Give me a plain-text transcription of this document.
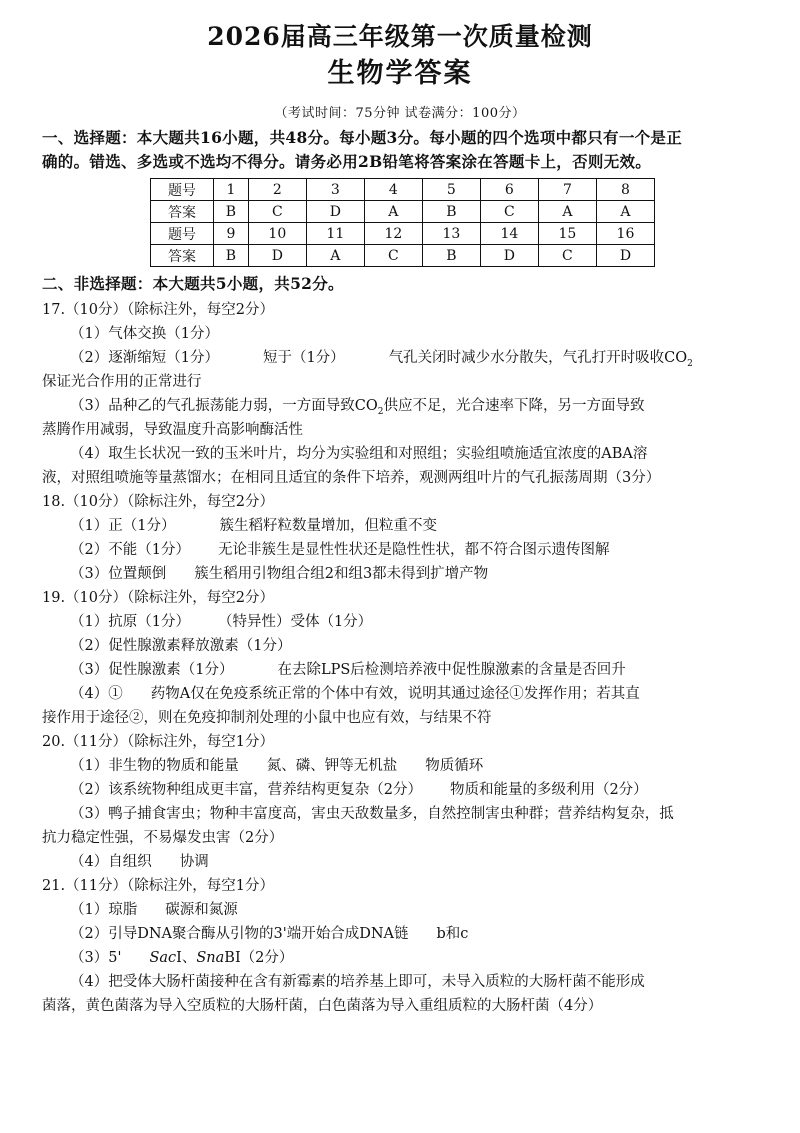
2026届高三年级第一次质量检测
生物学答案
（考试时间：75分钟 试卷满分：100分）
一、选择题：本大题共16小题，共48分。每小题3分。每小题的四个选项中都只有一个是正
确的。错选、多选或不选均不得分。请务必用2B铅笔将答案涂在答题卡上，否则无效。
题号	1	2	3	4	5	6	7	8
答案	B	C	D	A	B	C	A	A
题号	9	10	11	12	13	14	15	16
答案	B	D	A	C	B	D	C	D
二、非选择题：本大题共5小题，共52分。
17.（10分）（除标注外，每空2分）
（1）气体交换（1分）
（2）逐渐缩短（1分）	短于（1分）	气孔关闭时减少水分散失，气孔打开时吸收$CO_2$
保证光合作用的正常进行
（3）品种乙的气孔振荡能力弱，一方面导致$CO_2$供应不足，光合速率下降，另一方面导致
蒸腾作用减弱，导致温度升高影响酶活性
（4）取生长状况一致的玉米叶片，均分为实验组和对照组；实验组喷施适宜浓度的ABA溶
液，对照组喷施等量蒸馏水；在相同且适宜的条件下培养，观测两组叶片的气孔振荡周期（3分）
18.（10分）（除标注外，每空2分）
（1）正（1分）	簇生稻籽粒数量增加，但粒重不变
（2）不能（1分） 无论非簇生是显性性状还是隐性性状，都不符合图示遗传图解
（3）位置颠倒 簇生稻用引物组合组2和组3都未得到扩增产物
19.（10分）（除标注外，每空2分）
（1）抗原（1分） （特异性）受体（1分）
（2）促性腺激素释放激素（1分）
（3）促性腺激素（1分）	在去除LPS后检测培养液中促性腺激素的含量是否回升
（4）① 药物A仅在免疫系统正常的个体中有效，说明其通过途径①发挥作用；若其直
接作用于途径②，则在免疫抑制剂处理的小鼠中也应有效，与结果不符
20.（11分）（除标注外，每空1分）
（1）非生物的物质和能量 氮、磷、钾等无机盐 物质循环
（2）该系统物种组成更丰富，营养结构更复杂（2分） 物质和能量的多级利用（2分）
（3）鸭子捕食害虫；物种丰富度高，害虫天敌数量多，自然控制害虫种群；营养结构复杂，抵
抗力稳定性强，不易爆发虫害（2分）
（4）自组织 协调
21.（11分）（除标注外，每空1分）
（1）琼脂 碳源和氮源
（2）引导DNA聚合酶从引物的3'端开始合成DNA链 b和c
（3）5' SacI、SnaBI（2分）
（4）把受体大肠杆菌接种在含有新霉素的培养基上即可，未导入质粒的大肠杆菌不能形成
菌落，黄色菌落为导入空质粒的大肠杆菌，白色菌落为导入重组质粒的大肠杆菌（4分）
